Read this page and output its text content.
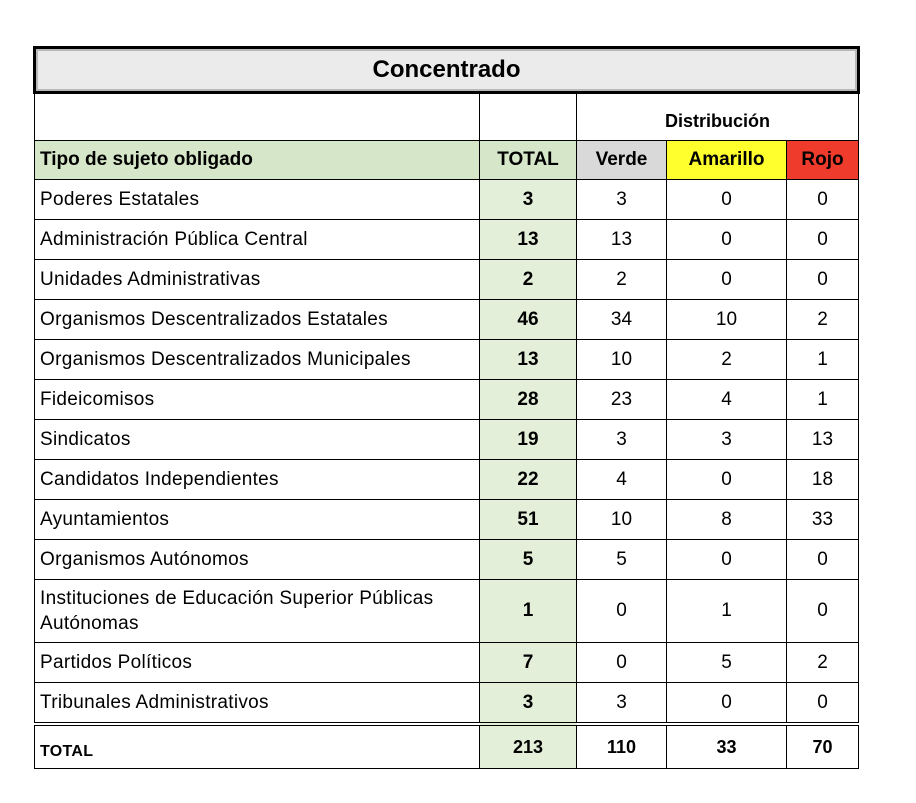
Concentrado				
		Distribución		
Tipo de sujeto obligado	TOTAL	Verde	Amarillo	Rojo
Poderes Estatales	3	3	0	0
Administración Pública Central	13	13	0	0
Unidades Administrativas	2	2	0	0
Organismos Descentralizados Estatales	46	34	10	2
Organismos Descentralizados Municipales	13	10	2	1
Fideicomisos	28	23	4	1
Sindicatos	19	3	3	13
Candidatos Independientes	22	4	0	18
Ayuntamientos	51	10	8	33
Organismos Autónomos	5	5	0	0
Instituciones de Educación Superior Públicas Autónomas	1	0	1	0
Partidos Políticos	7	0	5	2
Tribunales Administrativos	3	3	0	0
TOTAL	213	110	33	70
